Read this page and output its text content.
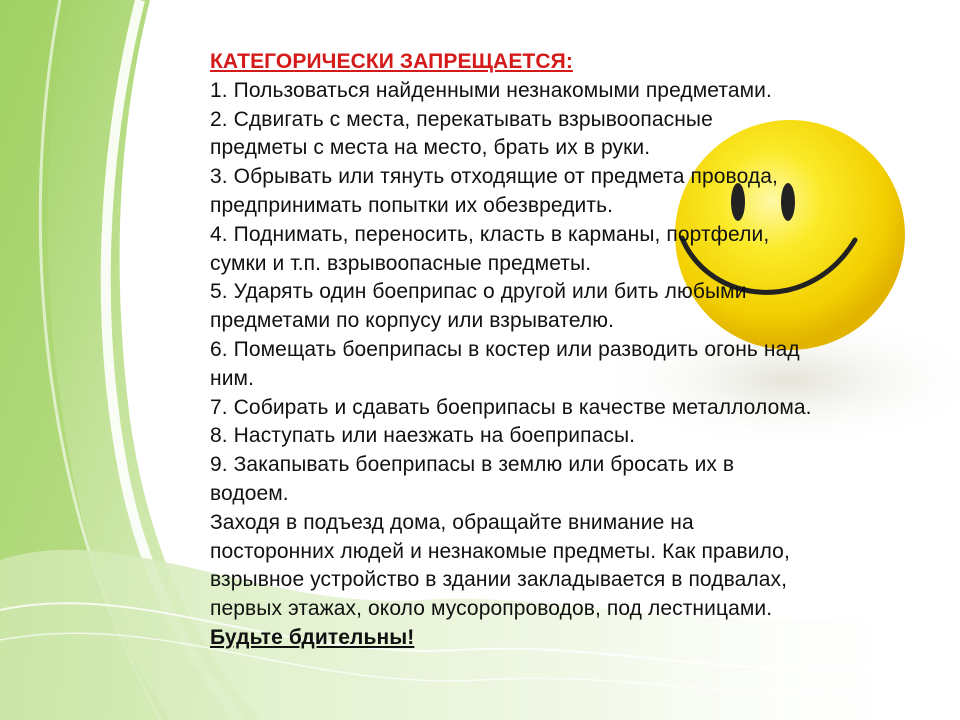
КАТЕГОРИЧЕСКИ ЗАПРЕЩАЕТСЯ:
1. Пользоваться найденными незнакомыми предметами.
2. Сдвигать с места, перекатывать взрывоопасные
предметы с места на место, брать их в руки.
3. Обрывать или тянуть отходящие от предмета провода,
предпринимать попытки их обезвредить.
4. Поднимать, переносить, класть в карманы, портфели,
сумки и т.п. взрывоопасные предметы.
5. Ударять один боеприпас о другой или бить любыми
предметами по корпусу или взрывателю.
6. Помещать боеприпасы в костер или разводить огонь над
ним.
7. Собирать и сдавать боеприпасы в качестве металлолома.
8. Наступать или наезжать на боеприпасы.
9. Закапывать боеприпасы в землю или бросать их в
водоем.
Заходя в подъезд дома, обращайте внимание на
посторонних людей и незнакомые предметы. Как правило,
взрывное устройство в здании закладывается в подвалах,
первых этажах, около мусоропроводов, под лестницами.
Будьте бдительны!
